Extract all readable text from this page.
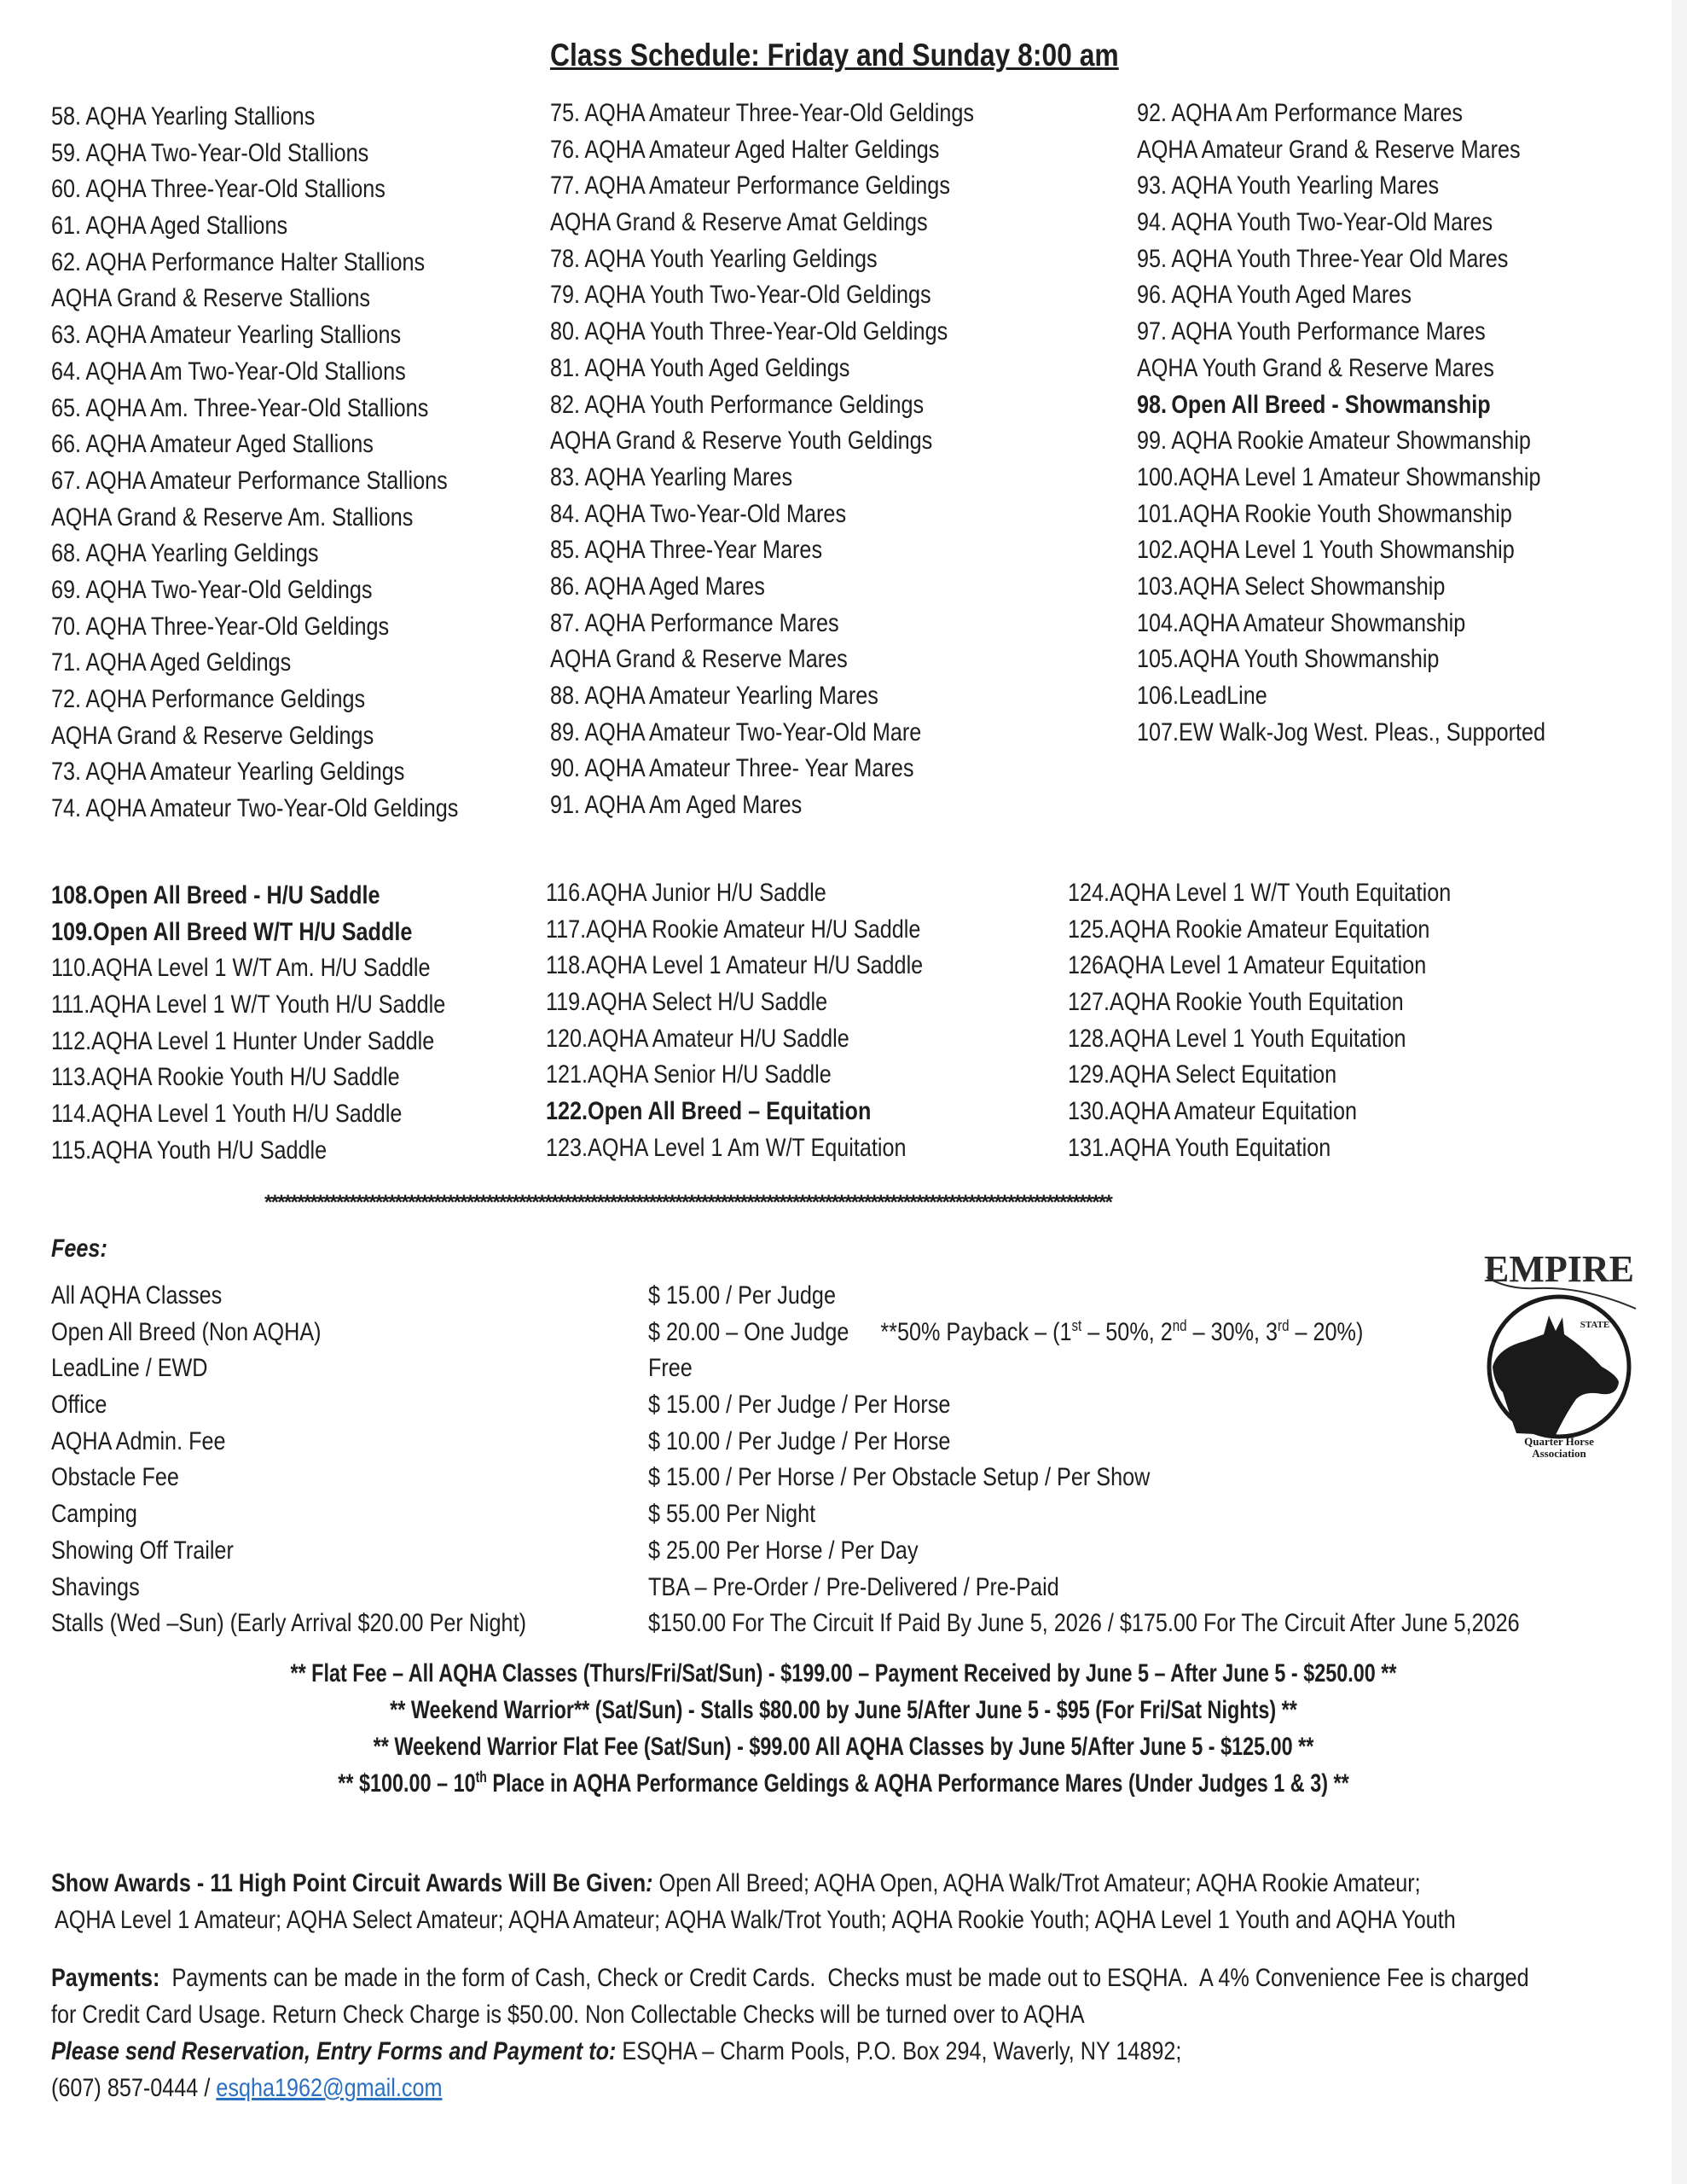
Class Schedule: Friday and Sunday 8:00 am
58. AQHA Yearling Stallions
59. AQHA Two-Year-Old Stallions
60. AQHA Three-Year-Old Stallions
61. AQHA Aged Stallions
62. AQHA Performance Halter Stallions
AQHA Grand & Reserve Stallions
63. AQHA Amateur Yearling Stallions
64. AQHA Am Two-Year-Old Stallions
65. AQHA Am. Three-Year-Old Stallions
66. AQHA Amateur Aged Stallions
67. AQHA Amateur Performance Stallions
AQHA Grand & Reserve Am. Stallions
68. AQHA Yearling Geldings
69. AQHA Two-Year-Old Geldings
70. AQHA Three-Year-Old Geldings
71. AQHA Aged Geldings
72. AQHA Performance Geldings
AQHA Grand & Reserve Geldings
73. AQHA Amateur Yearling Geldings
74. AQHA Amateur Two-Year-Old Geldings
75. AQHA Amateur Three-Year-Old Geldings
76. AQHA Amateur Aged Halter Geldings
77. AQHA Amateur Performance Geldings
AQHA Grand & Reserve Amat Geldings
78. AQHA Youth Yearling Geldings
79. AQHA Youth Two-Year-Old Geldings
80. AQHA Youth Three-Year-Old Geldings
81. AQHA Youth Aged Geldings
82. AQHA Youth Performance Geldings
AQHA Grand & Reserve Youth Geldings
83. AQHA Yearling Mares
84. AQHA Two-Year-Old Mares
85. AQHA Three-Year Mares
86. AQHA Aged Mares
87. AQHA Performance Mares
AQHA Grand & Reserve Mares
88. AQHA Amateur Yearling Mares
89. AQHA Amateur Two-Year-Old Mare
90. AQHA Amateur Three- Year Mares
91. AQHA Am Aged Mares
92. AQHA Am Performance Mares
AQHA Amateur Grand & Reserve Mares
93. AQHA Youth Yearling Mares
94. AQHA Youth Two-Year-Old Mares
95. AQHA Youth Three-Year Old Mares
96. AQHA Youth Aged Mares
97. AQHA Youth Performance Mares
AQHA Youth Grand & Reserve Mares
98. Open All Breed - Showmanship
99. AQHA Rookie Amateur Showmanship
100.AQHA Level 1 Amateur Showmanship
101.AQHA Rookie Youth Showmanship
102.AQHA Level 1 Youth Showmanship
103.AQHA Select Showmanship
104.AQHA Amateur Showmanship
105.AQHA Youth Showmanship
106.LeadLine
107.EW Walk-Jog West. Pleas., Supported
108.Open All Breed - H/U Saddle
109.Open All Breed W/T H/U Saddle
110.AQHA Level 1 W/T Am. H/U Saddle
111.AQHA Level 1 W/T Youth H/U Saddle
112.AQHA Level 1 Hunter Under Saddle
113.AQHA Rookie Youth H/U Saddle
114.AQHA Level 1 Youth H/U Saddle
115.AQHA Youth H/U Saddle
116.AQHA Junior H/U Saddle
117.AQHA Rookie Amateur H/U Saddle
118.AQHA Level 1 Amateur H/U Saddle
119.AQHA Select H/U Saddle
120.AQHA Amateur H/U Saddle
121.AQHA Senior H/U Saddle
122.Open All Breed – Equitation
123.AQHA Level 1 Am W/T Equitation
124.AQHA Level 1 W/T Youth Equitation
125.AQHA Rookie Amateur Equitation
126AQHA Level 1 Amateur Equitation
127.AQHA Rookie Youth Equitation
128.AQHA Level 1 Youth Equitation
129.AQHA Select Equitation
130.AQHA Amateur Equitation
131.AQHA Youth Equitation
**********************************************************************************************************************************
Fees:
All AQHA Classes	$ 15.00 / Per Judge
Open All Breed (Non AQHA)	$ 20.00 – One Judge **50% Payback – (1st – 50%, 2nd – 30%, 3rd – 20%)
LeadLine / EWD	Free
Office	$ 15.00 / Per Judge / Per Horse
AQHA Admin. Fee	$ 10.00 / Per Judge / Per Horse
Obstacle Fee	$ 15.00 / Per Horse / Per Obstacle Setup / Per Show
Camping	$ 55.00 Per Night
Showing Off Trailer	$ 25.00 Per Horse / Per Day
Shavings	TBA – Pre-Order / Pre-Delivered / Pre-Paid
Stalls (Wed –Sun) (Early Arrival $20.00 Per Night)	$150.00 For The Circuit If Paid By June 5, 2026 / $175.00 For The Circuit After June 5,2026
EMPIRE
STATE
Quarter Horse
Association
** Flat Fee – All AQHA Classes (Thurs/Fri/Sat/Sun) - $199.00 – Payment Received by June 5 – After June 5 - $250.00 **
** Weekend Warrior** (Sat/Sun) - Stalls $80.00 by June 5/After June 5 - $95 (For Fri/Sat Nights) **
** Weekend Warrior Flat Fee (Sat/Sun) - $99.00 All AQHA Classes by June 5/After June 5 - $125.00 **
** $100.00 – 10th Place in AQHA Performance Geldings & AQHA Performance Mares (Under Judges 1 & 3) **
Show Awards - 11 High Point Circuit Awards Will Be Given: Open All Breed; AQHA Open, AQHA Walk/Trot Amateur; AQHA Rookie Amateur;
AQHA Level 1 Amateur; AQHA Select Amateur; AQHA Amateur; AQHA Walk/Trot Youth; AQHA Rookie Youth; AQHA Level 1 Youth and AQHA Youth
Payments:  Payments can be made in the form of Cash, Check or Credit Cards.  Checks must be made out to ESQHA.  A 4% Convenience Fee is charged
for Credit Card Usage. Return Check Charge is $50.00. Non Collectable Checks will be turned over to AQHA
Please send Reservation, Entry Forms and Payment to: ESQHA – Charm Pools, P.O. Box 294, Waverly, NY 14892;
(607) 857-0444 / esqha1962@gmail.com
